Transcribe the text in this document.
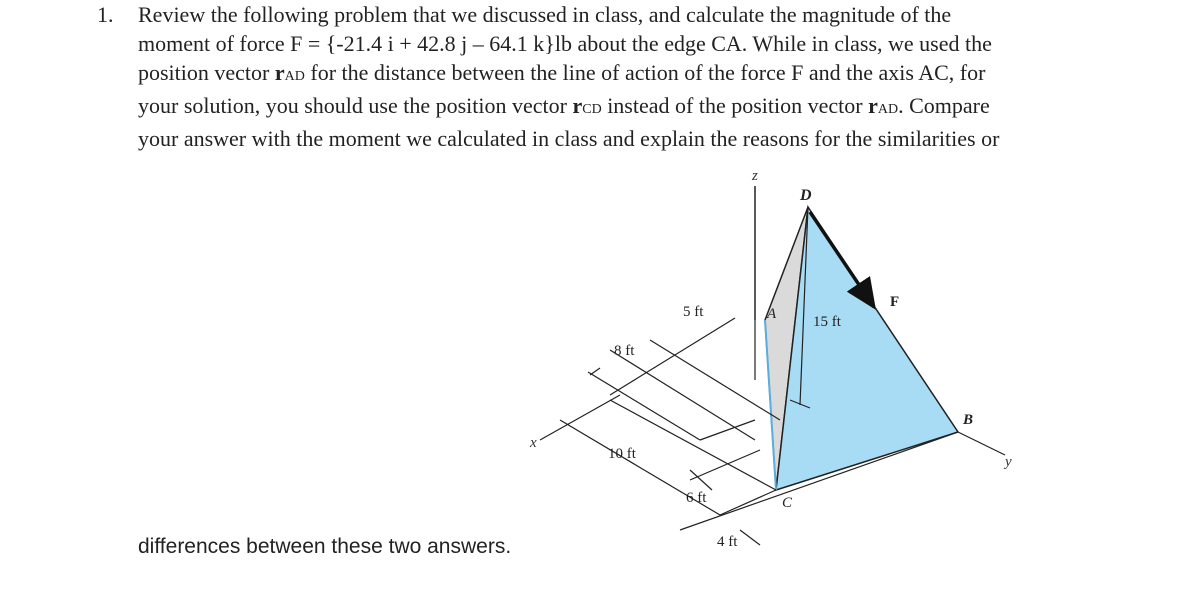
1. Review the following problem that we discussed in class, and calculate the magnitude of the
moment of force F = {-21.4 i + 42.8 j – 64.1 k}lb about the edge CA. While in class, we used the
position vector rAD for the distance between the line of action of the force F and the axis AC, for
your solution, you should use the position vector rCD instead of the position vector rAD. Compare
your answer with the moment we calculated in class and explain the reasons for the similarities or
z
x
y
D
A
B
C
F
5 ft
8 ft
15 ft
10 ft
6 ft
4 ft
differences between these two answers.
